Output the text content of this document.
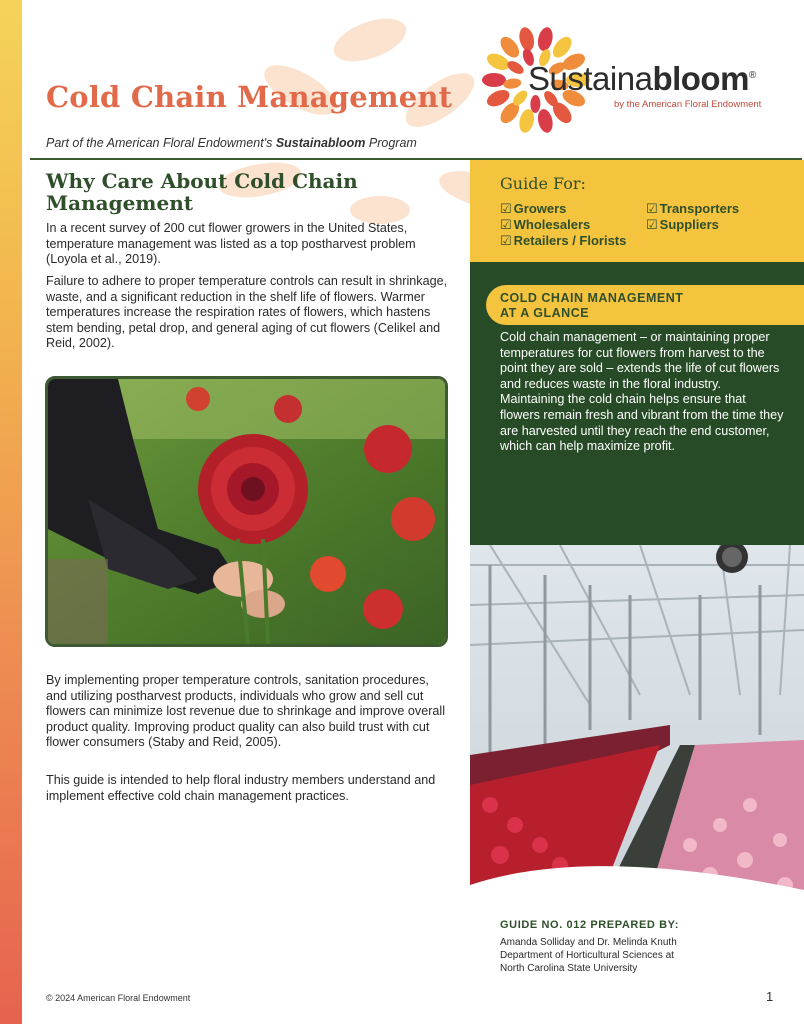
Cold Chain Management

Part of the American Floral Endowment's Sustainabloom Program

Sustainabloom®
by the American Floral Endowment
Why Care About Cold Chain Management

In a recent survey of 200 cut flower growers in the United States, temperature management was listed as a top postharvest problem (Loyola et al., 2019).

Failure to adhere to proper temperature controls can result in shrinkage, waste, and a significant reduction in the shelf life of flowers. Warmer temperatures increase the respiration rates of flowers, which hastens stem bending, petal drop, and general aging of cut flowers (Celikel and Reid, 2002).

By implementing proper temperature controls, sanitation procedures, and utilizing postharvest products, individuals who grow and sell cut flowers can minimize lost revenue due to shrinkage and improve overall product quality. Improving product quality can also build trust with cut flower consumers (Staby and Reid, 2005).

This guide is intended to help floral industry members understand and implement effective cold chain management practices.

Guide For:
☑ Growers
☑ Wholesalers
☑ Retailers / Florists
☑ Transporters
☑ Suppliers
COLD CHAIN MANAGEMENT
AT A GLANCE

Cold chain management – or maintaining proper temperatures for cut flowers from harvest to the point they are sold – extends the life of cut flowers and reduces waste in the floral industry. Maintaining the cold chain helps ensure that flowers remain fresh and vibrant from the time they are harvested until they reach the end customer, which can help maximize profit.

GUIDE NO. 012 PREPARED BY:
Amanda Solliday and Dr. Melinda Knuth
Department of Horticultural Sciences at
North Carolina State University
© 2024 American Floral Endowment	1
